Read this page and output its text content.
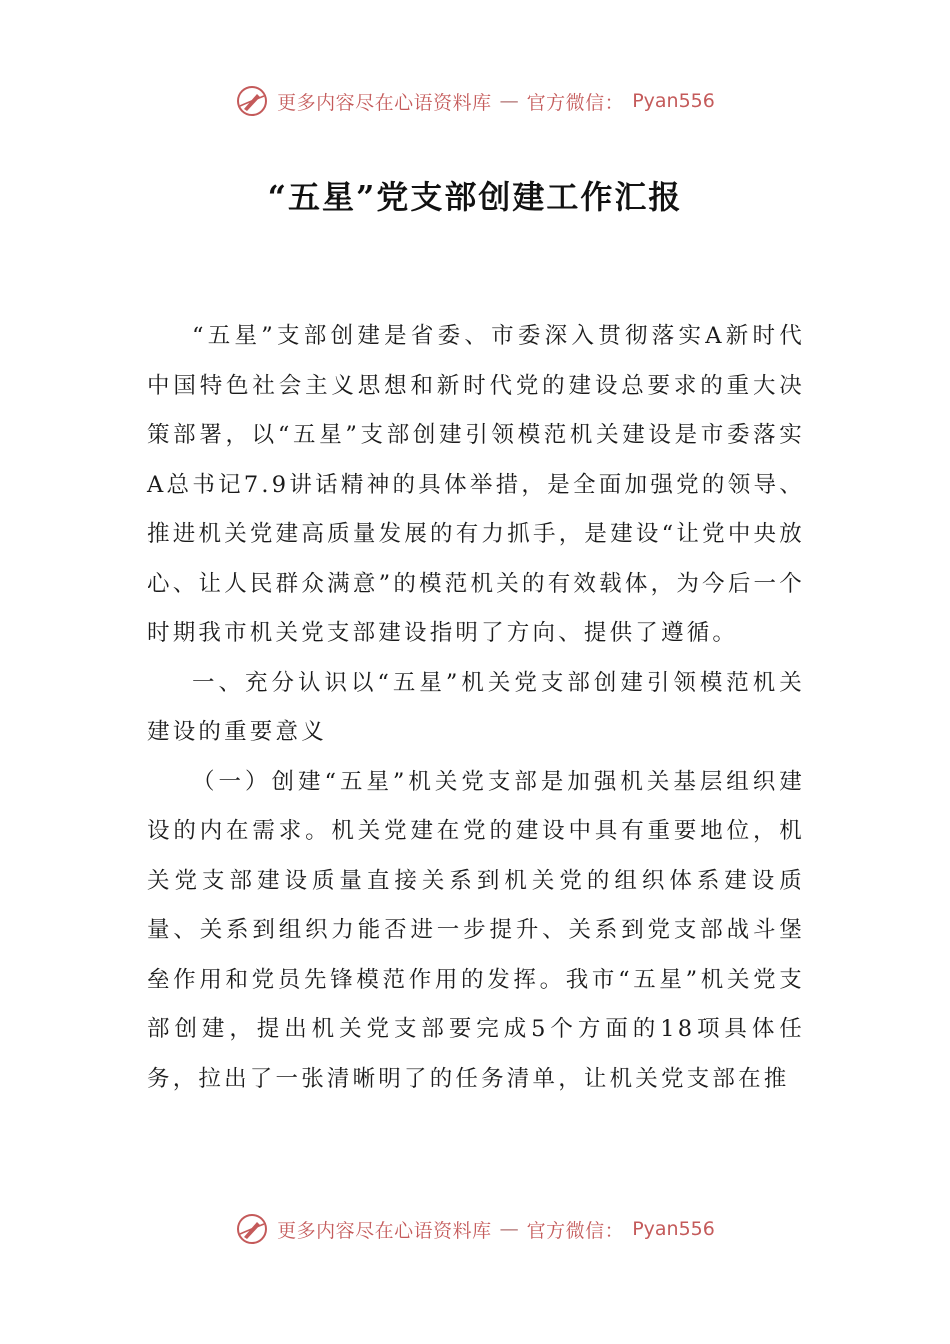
更多内容尽在心语资料库 — 官方微信： Pyan556
“五星”党支部创建工作汇报

“五星”支部创建是省委、市委深入贯彻落实A新时代中国特色社会主义思想和新时代党的建设总要求的重大决策部署，以“五星”支部创建引领模范机关建设是市委落实A总书记7.9讲话精神的具体举措，是全面加强党的领导、推进机关党建高质量发展的有力抓手，是建设“让党中央放心、让人民群众满意”的模范机关的有效载体，为今后一个时期我市机关党支部建设指明了方向、提供了遵循。

一、充分认识以“五星”机关党支部创建引领模范机关建设的重要意义

（一）创建“五星”机关党支部是加强机关基层组织建设的内在需求。机关党建在党的建设中具有重要地位，机关党支部建设质量直接关系到机关党的组织体系建设质量、关系到组织力能否进一步提升、关系到党支部战斗堡垒作用和党员先锋模范作用的发挥。我市“五星”机关党支部创建，提出机关党支部要完成5个方面的18项具体任务，拉出了一张清晰明了的任务清单，让机关党支部在推

更多内容尽在心语资料库 — 官方微信： Pyan556
